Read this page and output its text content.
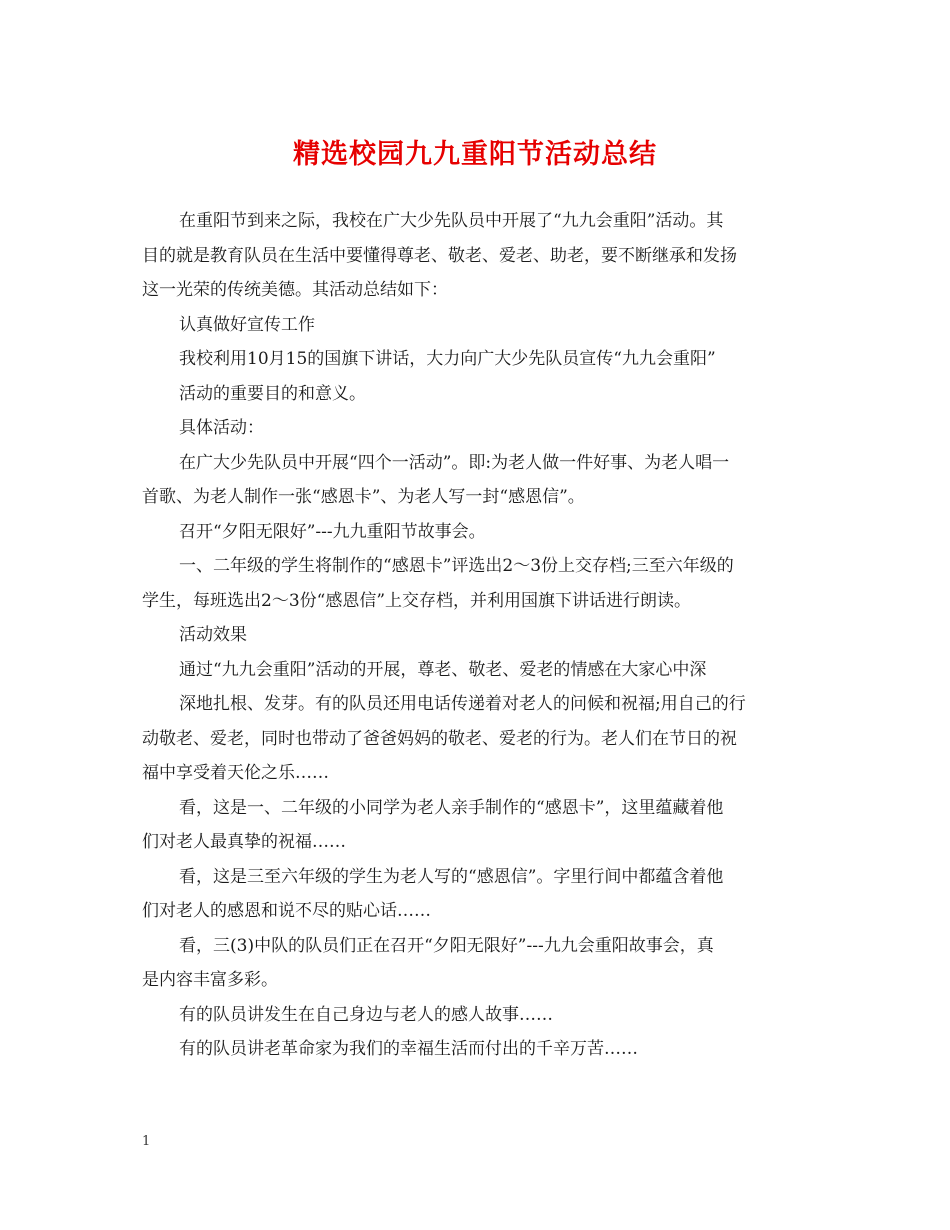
精选校园九九重阳节活动总结
在重阳节到来之际，我校在广大少先队员中开展了“九九会重阳”活动。其
目的就是教育队员在生活中要懂得尊老、敬老、爱老、助老，要不断继承和发扬
这一光荣的传统美德。其活动总结如下：
认真做好宣传工作
我校利用10月15的国旗下讲话，大力向广大少先队员宣传“九九会重阳”
活动的重要目的和意义。
具体活动：
在广大少先队员中开展“四个一活动”。即:为老人做一件好事、为老人唱一
首歌、为老人制作一张“感恩卡”、为老人写一封“感恩信”。
召开“夕阳无限好”---九九重阳节故事会。
一、二年级的学生将制作的“感恩卡”评选出2～3份上交存档;三至六年级的
学生，每班选出2～3份“感恩信”上交存档，并利用国旗下讲话进行朗读。
活动效果
通过“九九会重阳”活动的开展，尊老、敬老、爱老的情感在大家心中深
深地扎根、发芽。有的队员还用电话传递着对老人的问候和祝福;用自己的行
动敬老、爱老，同时也带动了爸爸妈妈的敬老、爱老的行为。老人们在节日的祝
福中享受着天伦之乐……
看，这是一、二年级的小同学为老人亲手制作的“感恩卡”，这里蕴藏着他
们对老人最真挚的祝福……
看，这是三至六年级的学生为老人写的“感恩信”。字里行间中都蕴含着他
们对老人的感恩和说不尽的贴心话……
看，三(3)中队的队员们正在召开“夕阳无限好”---九九会重阳故事会，真
是内容丰富多彩。
有的队员讲发生在自己身边与老人的感人故事……
有的队员讲老革命家为我们的幸福生活而付出的千辛万苦……
1
